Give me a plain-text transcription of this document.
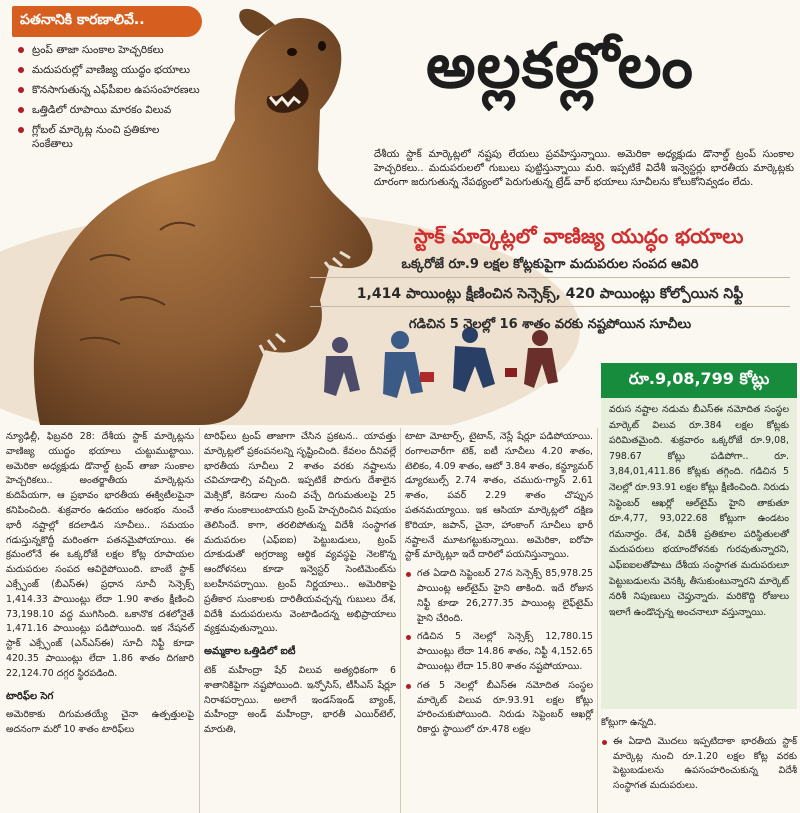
పతనానికి కారణాలివే..
ట్రంప్ తాజా సుంకాల హెచ్చరికలు
మదుపరుల్లో వాణిజ్య యుద్ధం భయాలు
కొనసాగుతున్న ఎఫ్‌పీఐల ఉపసంహరణలు
ఒత్తిడిలో రూపాయి మారకం విలువ
గ్లోబల్ మార్కెట్ల నుంచి ప్రతికూల సంకేతాలు
అల్లకల్లోలం
దేశీయ స్టాక్ మార్కెట్లలో నష్టపు లేయలు ప్రవహిస్తున్నాయి. అమెరికా అధ్యక్షుడు డొనాల్డ్ ట్రంప్ సుంకాల హెచ్చరికలు.. మదుపరులలో గుబులు పుట్టిస్తున్నాయి మరి. ఇప్పటికే విదేశీ ఇన్వెస్టర్లు భారతీయ మార్కెట్లకు దూరంగా జరుగుతున్న నేపథ్యంలో పెరుగుతున్న ట్రేడ్ వార్ భయాలు సూచీలను కోలుకోనివ్వడం లేదు.
స్టాక్ మార్కెట్లలో వాణిజ్య యుద్ధం భయాలు
ఒక్కరోజే రూ.9 లక్షల కోట్లకుపైగా మదుపరుల సంపద ఆవిరి
1,414 పాయింట్లు క్షీణించిన సెన్సెక్స్, 420 పాయింట్లు కోల్పోయిన నిఫ్టీ
గడిచిన 5 నెలల్లో 16 శాతం వరకు నష్టపోయిన సూచీలు
రూ.9,08,799 కోట్లు
వరుస నష్టాల నడుమ బీఎస్‌ఈ నమోదిత సంస్థల మార్కెట్ విలువ రూ.384 లక్షల కోట్లకు పరిమితమైంది. శుక్రవారం ఒక్కరోజే రూ.9,08, 798.67 కోట్లు పడిపోగా.. రూ. 3,84,01,411.86 కోట్లకు తగ్గింది. గడిచిన 5 నెలల్లో రూ.93.91 లక్షల కోట్లు క్షీణించింది. నిరుడు సెప్టెంబర్ ఆఖర్లో ఆల్‌టైమ్ హైని తాకుతూ రూ.4,77, 93,022.68 కోట్లుగా ఉండటం గమనార్హం. దేశ, విదేశీ ప్రతికూల పరిస్థితులతో మదుపరులు భయాందోళనకు గురవుతున్నారని, ఎఫ్‌ఐఐలతోపాటు దేశీయ సంస్థాగత మదుపరులూ పెట్టుబడులను వెనక్కి తీసుకుంటున్నారని మార్కెట్ నరిశీ నిపుణులు చెప్తున్నారు. మరికొద్ది రోజులు ఇలాగే ఉండొచ్చన్న అంచనాలూ వస్తున్నాయి.

న్యూఢిల్లీ, ఫిబ్రవరి 28: దేశీయ స్టాక్ మార్కెట్లను వాణిజ్య యుద్ధం భయాలు చుట్టుముట్టాయి. అమెరికా అధ్యక్షుడు డొనాల్డ్ ట్రంప్ తాజా సుంకాల హెచ్చరికలు.. అంతర్జాతీయ మార్కెట్లను కుదిపేయగా, ఆ ప్రభావం భారతీయ ఈక్విటీలపైనా కనిపించింది. శుక్రవారం ఉదయం ఆరంభం నుంచే భారీ నష్టాల్లో కదలాడిన సూచీలు.. సమయం గడుస్తున్నకొద్దీ మరింతగా పతనమైపోయాయి. ఈ క్రమంలోనే ఈ ఒక్కరోజే లక్షల కోట్ల రూపాయల మదుపరుల సంపద ఆవిరైపోయింది. బాంబే స్టాక్ ఎక్స్ఛేంజ్ (బీఎస్‌ఈ) ప్రధాన సూచీ సెన్సెక్స్ 1,414.33 పాయింట్లు లేదా 1.90 శాతం క్షీణించి 73,198.10 వద్ద ముగిసింది. ఒకానొక దశలోనైతే 1,471.16 పాయింట్లు పడిపోయింది. ఇక నేషనల్ స్టాక్ ఎక్స్ఛేంజ్ (ఎన్‌ఎస్‌ఈ) సూచీ నిఫ్టీ కూడా 420.35 పాయింట్లు లేదా 1.86 శాతం దిగజారి 22,124.70 దగ్గర స్థిరపడింది.

టారిఫ్‌ల సెగ

అమెరికాకు దిగుమతయ్యే చైనా ఉత్పత్తులపై అదనంగా మరో 10 శాతం టారిఫ్‌లు

టారిఫ్‌లు ట్రంప్ తాజాగా చేసిన ప్రకటన.. యావత్తు మార్కెట్లలో ప్రకంపనలన్ని సృష్టించింది. కేవలం దీనివల్లే భారతీయ సూచీలు 2 శాతం వరకు నష్టాలను చవిచూడాల్సి వచ్చింది. ఇప్పటికే పొరుగు దేశాలైన మెక్సికో, కెనడాల నుంచి వచ్చే దిగుమతులపై 25 శాతం సుంకాలుంటాయని ట్రంప్ హెచ్చరించిన విషయం తెలిసిందే. కాగా, తరలిపోతున్న విదేశీ సంస్థాగత మదుపరుల (ఎఫ్‌ఐఐ) పెట్టుబడులు, ట్రంప్ దూకుడుతో అగ్రరాజ్య ఆర్థిక వ్యవస్థపై నెలకొన్న ఆందోళనలు కూడా ఇన్వెస్టర్ సెంటిమెంట్‌ను బలహీనపర్చాయి. ట్రంప్ నిర్ణయాలు.. అమెరికాపై ప్రతీకార సుంకాలకు దారితీయవచ్చన్న గుబులు దేశ, విదేశీ మదుపరులను వెంటాడిందన్న అభిప్రాయాలు వ్యక్తమవుతున్నాయి.

అమ్మకాల ఒత్తిడిలో ఐటీ

టెక్ మహీంద్రా షేర్ విలువ అత్యధికంగా 6 శాతానికిపైగా నష్టపోయింది. ఇన్ఫోసిస్, టీసీఎస్ షేర్లూ నిరాశపర్చాయి. అలాగే ఇండస్ఇండ్ బ్యాంక్, మహీంద్రా అండ్ మహీంద్రా, భారతీ ఎయిర్‌టెల్, మారుతి,

టాటా మోటార్స్, టైటాన్, నెస్లే షేర్లూ పడిపోయాయి. రంగాలవారీగా టెక్, ఐటీ సూచీలు 4.20 శాతం, టెలికం, 4.09 శాతం, ఆటో 3.84 శాతం, కన్జ్యూమర్ డ్యూరబుల్స్ 2.74 శాతం, చమురు-గ్యాస్ 2.61 శాతం, పవర్ 2.29 శాతం చొప్పున పతనమయ్యాయి. ఇక ఆసియా మార్కెట్లలో దక్షిణ కొరియా, జపాన్, చైనా, హాంకాంగ్ సూచీలు భారీ నష్టాలనే మూటగట్టుకున్నాయి. అమెరికా, ఐరోపా స్టాక్ మార్కెట్లూ ఇదే దారిలో పయనిస్తున్నాయి.

గత ఏడాది సెప్టెంబర్ 27న సెన్సెక్స్ 85,978.25 పాయింట్ల ఆల్‌టైమ్ హైని తాకింది. ఇదే రోజున నిఫ్టీ కూడా 26,277.35 పాయింట్ల లైఫ్‌టైమ్ హైని చేరింది.
గడిచిన 5 నెలల్లో సెన్సెక్స్ 12,780.15 పాయింట్లు లేదా 14.86 శాతం, నిఫ్టీ 4,152.65 పాయింట్లు లేదా 15.80 శాతం నష్టపోయాయి.
గత 5 నెలల్లో బీఎస్‌ఈ నమోదిత సంస్థల మార్కెట్ విలువ రూ.93.91 లక్షల కోట్లు హరించుకుపోయింది. నిరుడు సెప్టెంబర్ ఆఖర్లో రికార్డు స్థాయిలో రూ.478 లక్షల

కోట్లుగా ఉన్నది.

ఈ ఏడాది మొదలు ఇప్పటిదాకా భారతీయ స్టాక్ మార్కెట్ల నుంచి రూ.1.20 లక్షల కోట్ల వరకు పెట్టుబడులను ఉపసంహరించుకున్న విదేశీ సంస్థాగత మదుపరులు.
